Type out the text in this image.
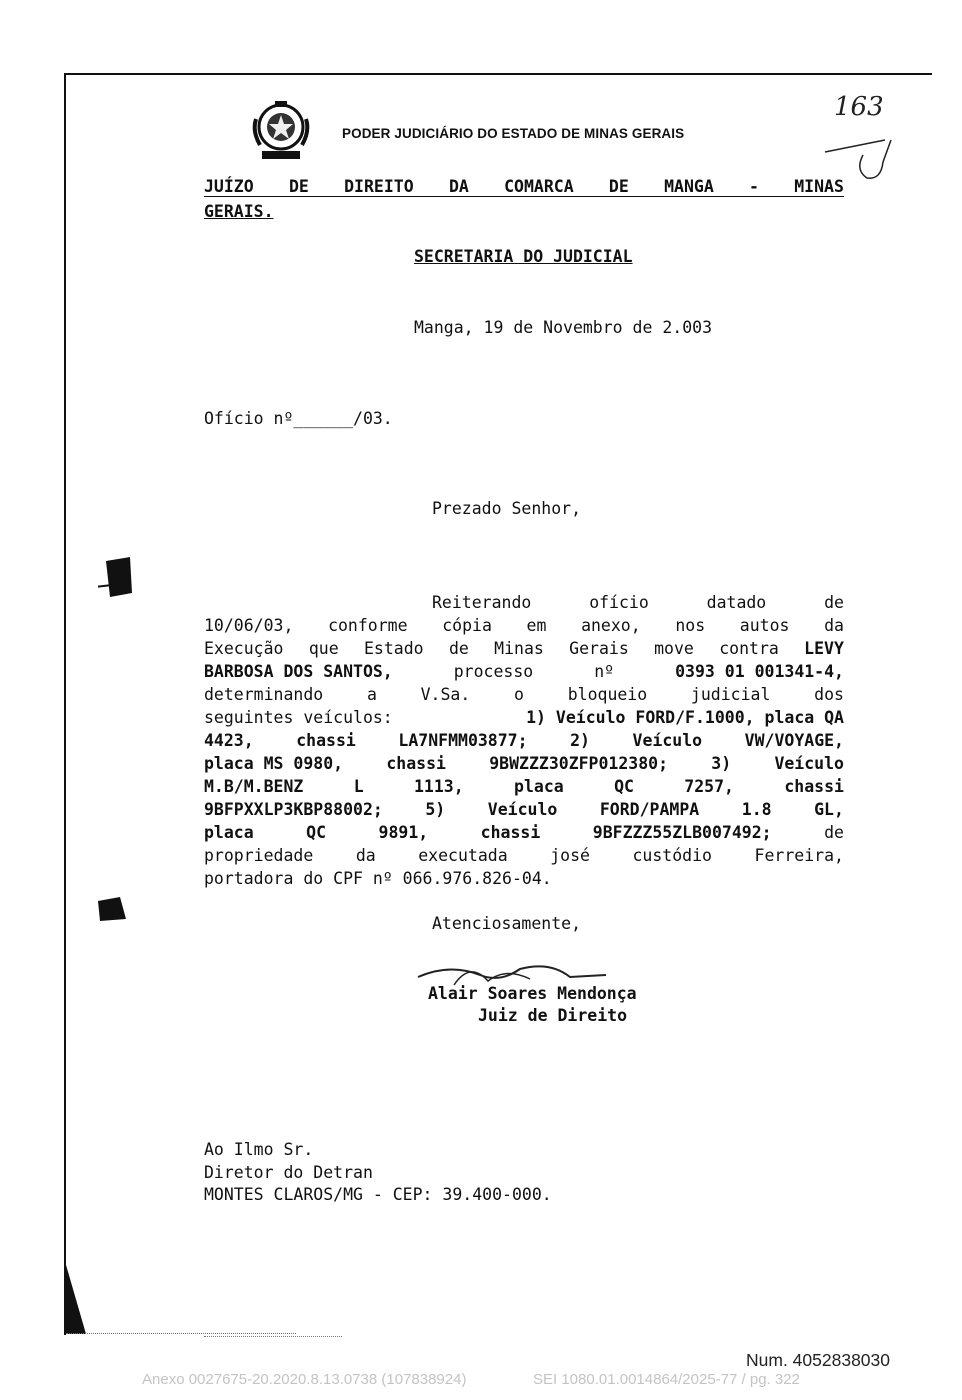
PODER JUDICIÁRIO DO ESTADO DE MINAS GERAIS
163
JUÍZO DE DIREITO DA COMARCA DE MANGA - MINAS
GERAIS.
SECRETARIA DO JUDICIAL
Manga, 19 de Novembro de 2.003
Ofício nº______/03.
Prezado Senhor,
Reiterando	ofício	datado	de
10/06/03, conforme cópia em anexo, nos autos da
Execução que Estado de Minas Gerais move contra LEVY
BARBOSA DOS SANTOS,	processo	nº	0393 01 001341-4,
determinando	a	V.Sa.	o	bloqueio	judicial	dos
seguintes veículos:	1) Veículo FORD/F.1000, placa QA
4423,	chassi	LA7NFMM03877;	2)	Veículo	VW/VOYAGE,
placa MS 0980,	chassi	9BWZZZ30ZFP012380;	3)	Veículo
M.B/M.BENZ	L	1113,	placa	QC	7257,	chassi
9BFPXXLP3KBP88002;	5)	Veículo	FORD/PAMPA	1.8	GL,
placa	QC	9891,	chassi	9BFZZZ55ZLB007492;	de
propriedade	da	executada	josé	custódio	Ferreira,
portadora do CPF nº 066.976.826-04.
Atenciosamente,
Alair Soares Mendonça
Juiz de Direito
Ao Ilmo Sr.
Diretor do Detran
MONTES CLAROS/MG - CEP: 39.400-000.
Num. 4052838030
Anexo 0027675-20.2020.8.13.0738 (107838924)	SEI 1080.01.0014864/2025-77 / pg. 322
